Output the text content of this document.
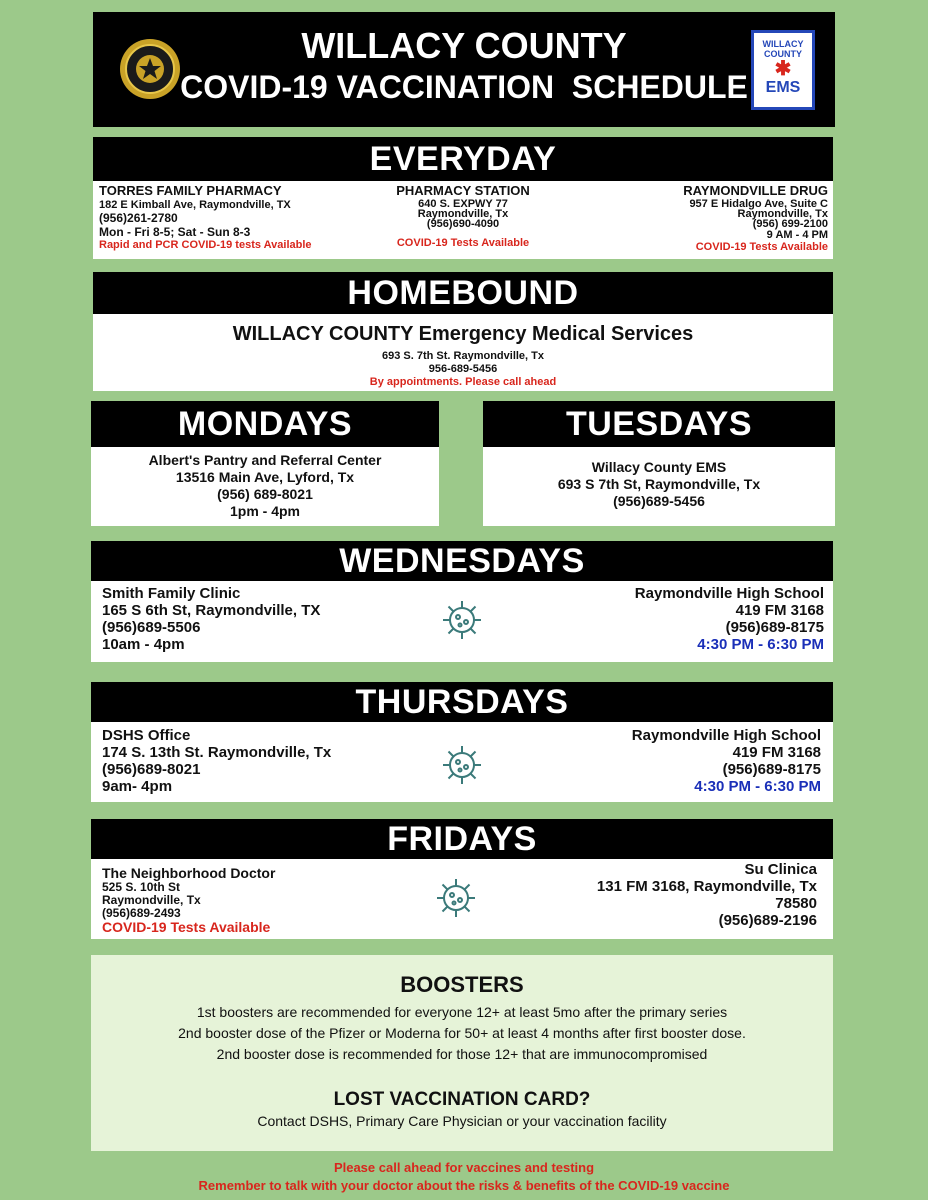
WILLACY COUNTY
COVID-19 VACCINATION  SCHEDULE
WILLACY
COUNTY
✱
EMS
EVERYDAY
TORRES FAMILY PHARMACY
182 E Kimball Ave, Raymondville, TX
(956)261-2780
Mon - Fri 8-5; Sat - Sun 8-3
Rapid and PCR COVID-19 tests Available
PHARMACY STATION
640 S. EXPWY 77
Raymondville, Tx
(956)690-4090
COVID-19 Tests Available
RAYMONDVILLE DRUG
957 E Hidalgo Ave, Suite C
Raymondville, Tx
(956) 699-2100
9 AM - 4 PM
COVID-19 Tests Available
HOMEBOUND
WILLACY COUNTY Emergency Medical Services
693 S. 7th St. Raymondville, Tx
956-689-5456
By appointments. Please call ahead
MONDAYS
Albert's Pantry and Referral Center
13516 Main Ave, Lyford, Tx
(956) 689-8021
1pm - 4pm
TUESDAYS
Willacy County EMS
693 S 7th St, Raymondville, Tx
(956)689-5456
WEDNESDAYS
Smith Family Clinic
165 S 6th St, Raymondville, TX
(956)689-5506
10am - 4pm
Raymondville High School
419 FM 3168
(956)689-8175
4:30 PM - 6:30 PM
THURSDAYS
DSHS Office
174 S. 13th St. Raymondville, Tx
(956)689-8021
9am- 4pm
Raymondville High School
419 FM 3168
(956)689-8175
4:30 PM - 6:30 PM
FRIDAYS
The Neighborhood Doctor
525 S. 10th St
Raymondville, Tx
(956)689-2493
COVID-19 Tests Available
Su Clinica
131 FM 3168, Raymondville, Tx
78580
(956)689-2196
BOOSTERS
1st boosters are recommended for everyone 12+ at least 5mo after the primary series
2nd booster dose of the Pfizer or Moderna for 50+ at least 4 months after first booster dose.
2nd booster dose is recommended for those 12+ that are immunocompromised
LOST VACCINATION CARD?
Contact DSHS, Primary Care Physician or your vaccination facility
Please call ahead for vaccines and testing
Remember to talk with your doctor about the risks & benefits of the COVID-19 vaccine
